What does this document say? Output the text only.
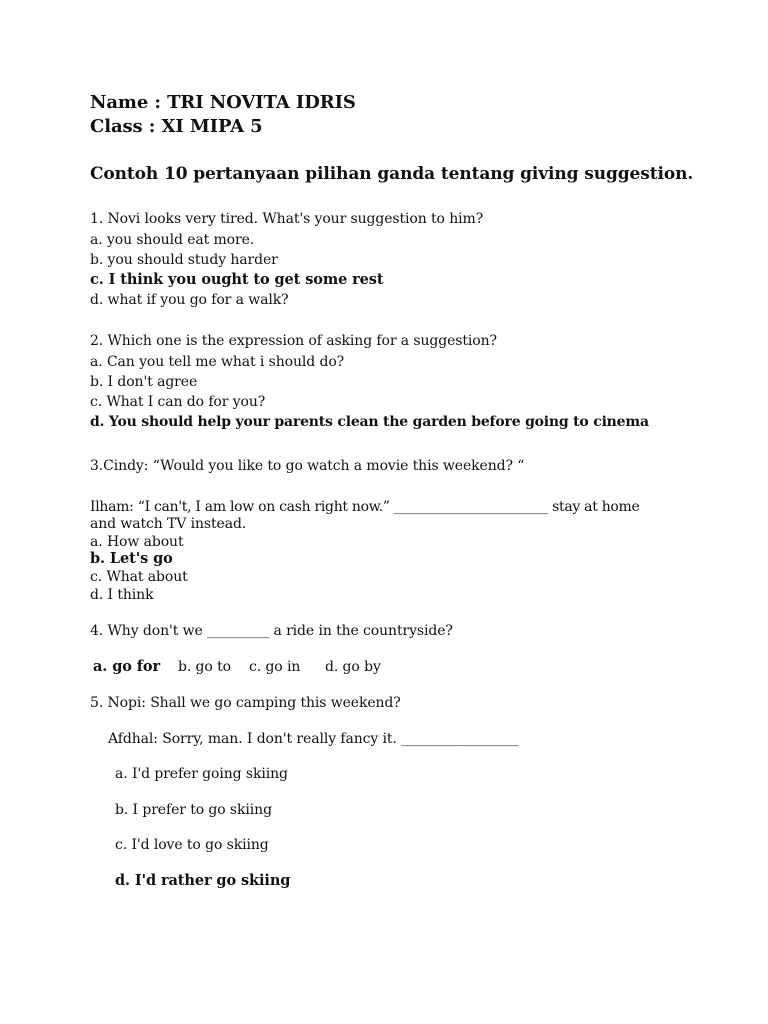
Name : TRI NOVITA IDRIS
Class : XI MIPA 5
Contoh 10 pertanyaan pilihan ganda tentang giving suggestion.
1. Novi looks very tired. What's your suggestion to him?
a. you should eat more.
b. you should study harder
c. I think you ought to get some rest
d. what if you go for a walk?
2. Which one is the expression of asking for a suggestion?
a. Can you tell me what i should do?
b. I don't agree
c. What I can do for you?
d. You should help your parents clean the garden before going to cinema
3.Cindy: “Would you like to go watch a movie this weekend? “
Ilham: “I can't, I am low on cash right now.” _______________________ stay at home
and watch TV instead.
a. How about
b. Let's go
c. What about
d. I think
4. Why don't we _________ a ride in the countryside?
a. go for b. go to c. go in d. go by
5. Nopi: Shall we go camping this weekend?
Afdhal: Sorry, man. I don't really fancy it. _________________
a. I'd prefer going skiing
b. I prefer to go skiing
c. I'd love to go skiing
d. I'd rather go skiing
